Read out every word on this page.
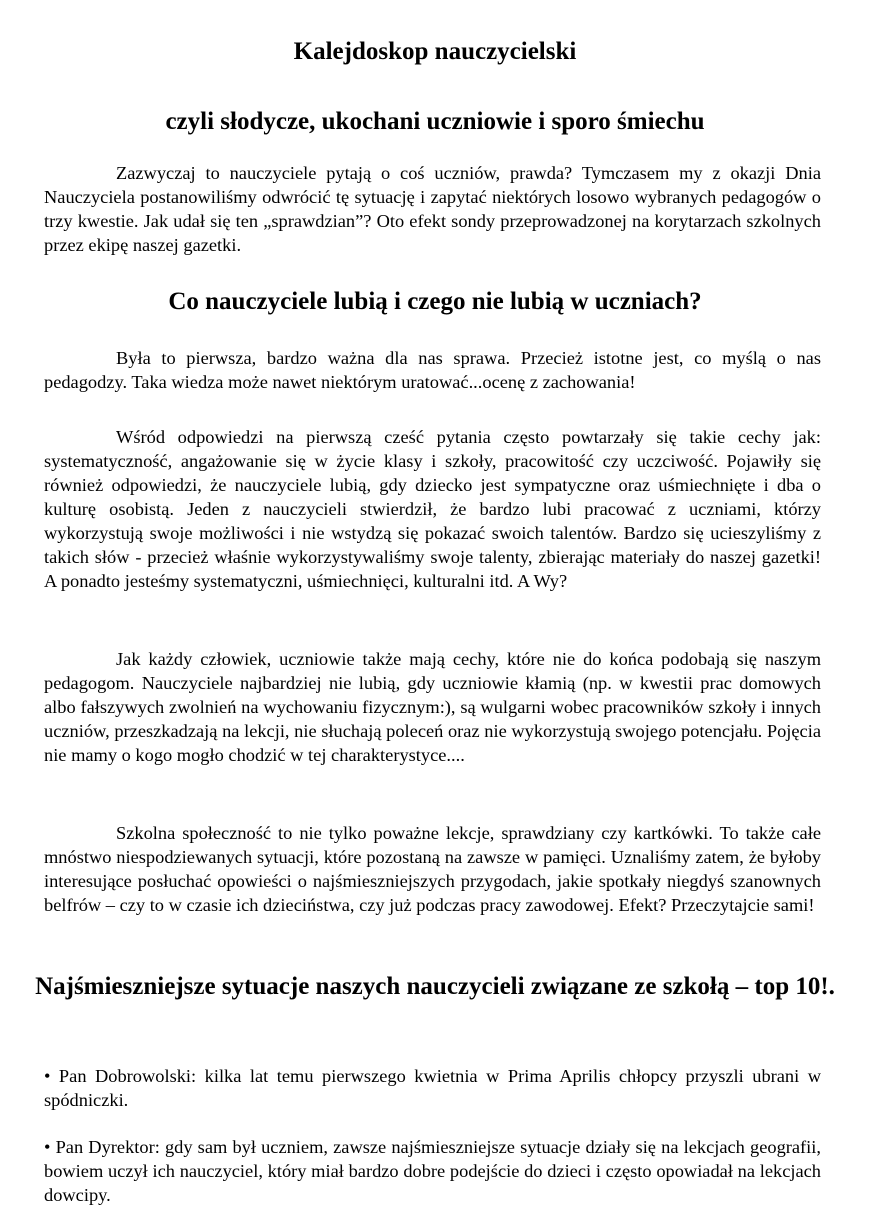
Kalejdoskop nauczycielski
czyli słodycze, ukochani uczniowie i sporo śmiechu

Zazwyczaj to nauczyciele pytają o coś uczniów, prawda? Tymczasem my z okazji Dnia Nauczyciela postanowiliśmy odwrócić tę sytuację i zapytać niektórych losowo wybranych pedagogów o trzy kwestie. Jak udał się ten „sprawdzian”? Oto efekt sondy przeprowadzonej na korytarzach szkolnych przez ekipę naszej gazetki.

Co nauczyciele lubią i czego nie lubią w uczniach?

Była to pierwsza, bardzo ważna dla nas sprawa. Przecież istotne jest, co myślą o nas pedagodzy. Taka wiedza może nawet niektórym uratować...ocenę z zachowania!

Wśród odpowiedzi na pierwszą cześć pytania często powtarzały się takie cechy jak: systematyczność, angażowanie się w życie klasy i szkoły, pracowitość czy uczciwość. Pojawiły się również odpowiedzi, że nauczyciele lubią, gdy dziecko jest sympatyczne oraz uśmiechnięte i dba o kulturę osobistą. Jeden z nauczycieli stwierdził, że bardzo lubi pracować z uczniami, którzy wykorzystują swoje możliwości i nie wstydzą się pokazać swoich talentów. Bardzo się ucieszyliśmy z takich słów - przecież właśnie wykorzystywaliśmy swoje talenty, zbierając materiały do naszej gazetki! A ponadto jesteśmy systematyczni, uśmiechnięci, kulturalni itd. A Wy?

Jak każdy człowiek, uczniowie także mają cechy, które nie do końca podobają się naszym pedagogom. Nauczyciele najbardziej nie lubią, gdy uczniowie kłamią (np. w kwestii prac domowych albo fałszywych zwolnień na wychowaniu fizycznym:), są wulgarni wobec pracowników szkoły i innych uczniów, przeszkadzają na lekcji, nie słuchają poleceń oraz nie wykorzystują swojego potencjału. Pojęcia nie mamy o kogo mogło chodzić w tej charakterystyce....

Szkolna społeczność to nie tylko poważne lekcje, sprawdziany czy kartkówki. To także całe mnóstwo niespodziewanych sytuacji, które pozostaną na zawsze w pamięci. Uznaliśmy zatem, że byłoby interesujące posłuchać opowieści o najśmieszniejszych przygodach, jakie spotkały niegdyś szanownych belfrów – czy to w czasie ich dzieciństwa, czy już podczas pracy zawodowej. Efekt? Przeczytajcie sami!

Najśmieszniejsze sytuacje naszych nauczycieli związane ze szkołą – top 10!.

• Pan Dobrowolski: kilka lat temu pierwszego kwietnia w Prima Aprilis chłopcy przyszli ubrani w spódniczki.

• Pan Dyrektor: gdy sam był uczniem, zawsze najśmieszniejsze sytuacje działy się na lekcjach geografii, bowiem uczył ich nauczyciel, który miał bardzo dobre podejście do dzieci i często opowiadał na lekcjach dowcipy.
